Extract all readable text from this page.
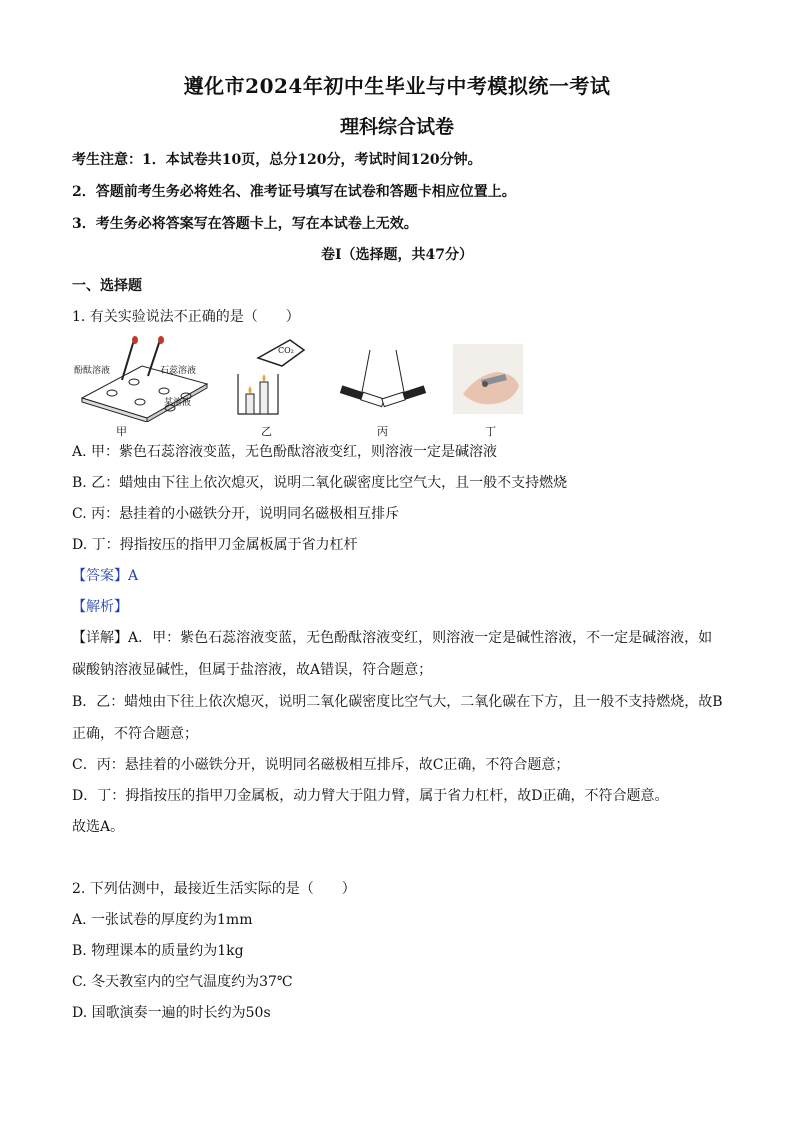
遵化市2024年初中生毕业与中考模拟统一考试
理科综合试卷
考生注意：1．本试卷共10页，总分120分，考试时间120分钟。
2．答题前考生务必将姓名、准考证号填写在试卷和答题卡相应位置上。
3．考生务必将答案写在答题卡上，写在本试卷上无效。
卷Ⅰ（选择题，共47分）
一、选择题
1. 有关实验说法不正确的是（　　）
酚酞溶液	石蕊溶液
某溶液
CO₂
甲	乙	丙	丁
A. 甲：紫色石蕊溶液变蓝，无色酚酞溶液变红，则溶液一定是碱溶液
B. 乙：蜡烛由下往上依次熄灭，说明二氧化碳密度比空气大，且一般不支持燃烧
C. 丙：悬挂着的小磁铁分开，说明同名磁极相互排斥
D. 丁：拇指按压的指甲刀金属板属于省力杠杆
【答案】A
【解析】
【详解】A．甲：紫色石蕊溶液变蓝，无色酚酞溶液变红，则溶液一定是碱性溶液，不一定是碱溶液，如碳酸钠溶液显碱性，但属于盐溶液，故A错误，符合题意；
B．乙：蜡烛由下往上依次熄灭，说明二氧化碳密度比空气大，二氧化碳在下方，且一般不支持燃烧，故B正确，不符合题意；
C．丙：悬挂着的小磁铁分开，说明同名磁极相互排斥，故C正确，不符合题意；
D．丁：拇指按压的指甲刀金属板，动力臂大于阻力臂，属于省力杠杆，故D正确，不符合题意。
故选A。
2. 下列估测中，最接近生活实际的是（　　）
A. 一张试卷的厚度约为1mm
B. 物理课本的质量约为1kg
C. 冬天教室内的空气温度约为37℃
D. 国歌演奏一遍的时长约为50s
